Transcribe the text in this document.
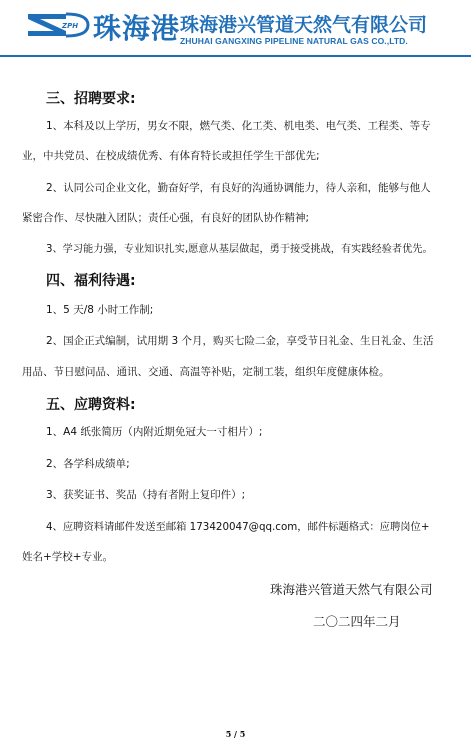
ZPH 珠海港 珠海港兴管道天然气有限公司
ZHUHAI GANGXING PIPELINE NATURAL GAS CO.,LTD.
三、招聘要求:
1、本科及以上学历，男女不限，燃气类、化工类、机电类、电气类、工程类、等专
业，中共党员、在校成绩优秀、有体育特长或担任学生干部优先;
2、认同公司企业文化，勤奋好学，有良好的沟通协调能力，待人亲和，能够与他人
紧密合作、尽快融入团队；责任心强，有良好的团队协作精神;
3、学习能力强，专业知识扎实,愿意从基层做起，勇于接受挑战，有实践经验者优先。
四、福利待遇:
1、5 天/8 小时工作制;
2、国企正式编制，试用期 3 个月，购买七险二金，享受节日礼金、生日礼金、生活
用品、节日慰问品、通讯、交通、高温等补贴，定制工装，组织年度健康体检。
五、应聘资料:
1、A4 纸张简历（内附近期免冠大一寸相片）;
2、各学科成绩单;
3、获奖证书、奖品（持有者附上复印件）;
4、应聘资料请邮件发送至邮箱 173420047@qq.com，邮件标题格式：应聘岗位+
姓名+学校+专业。
珠海港兴管道天然气有限公司
二〇二四年二月
5 / 5
